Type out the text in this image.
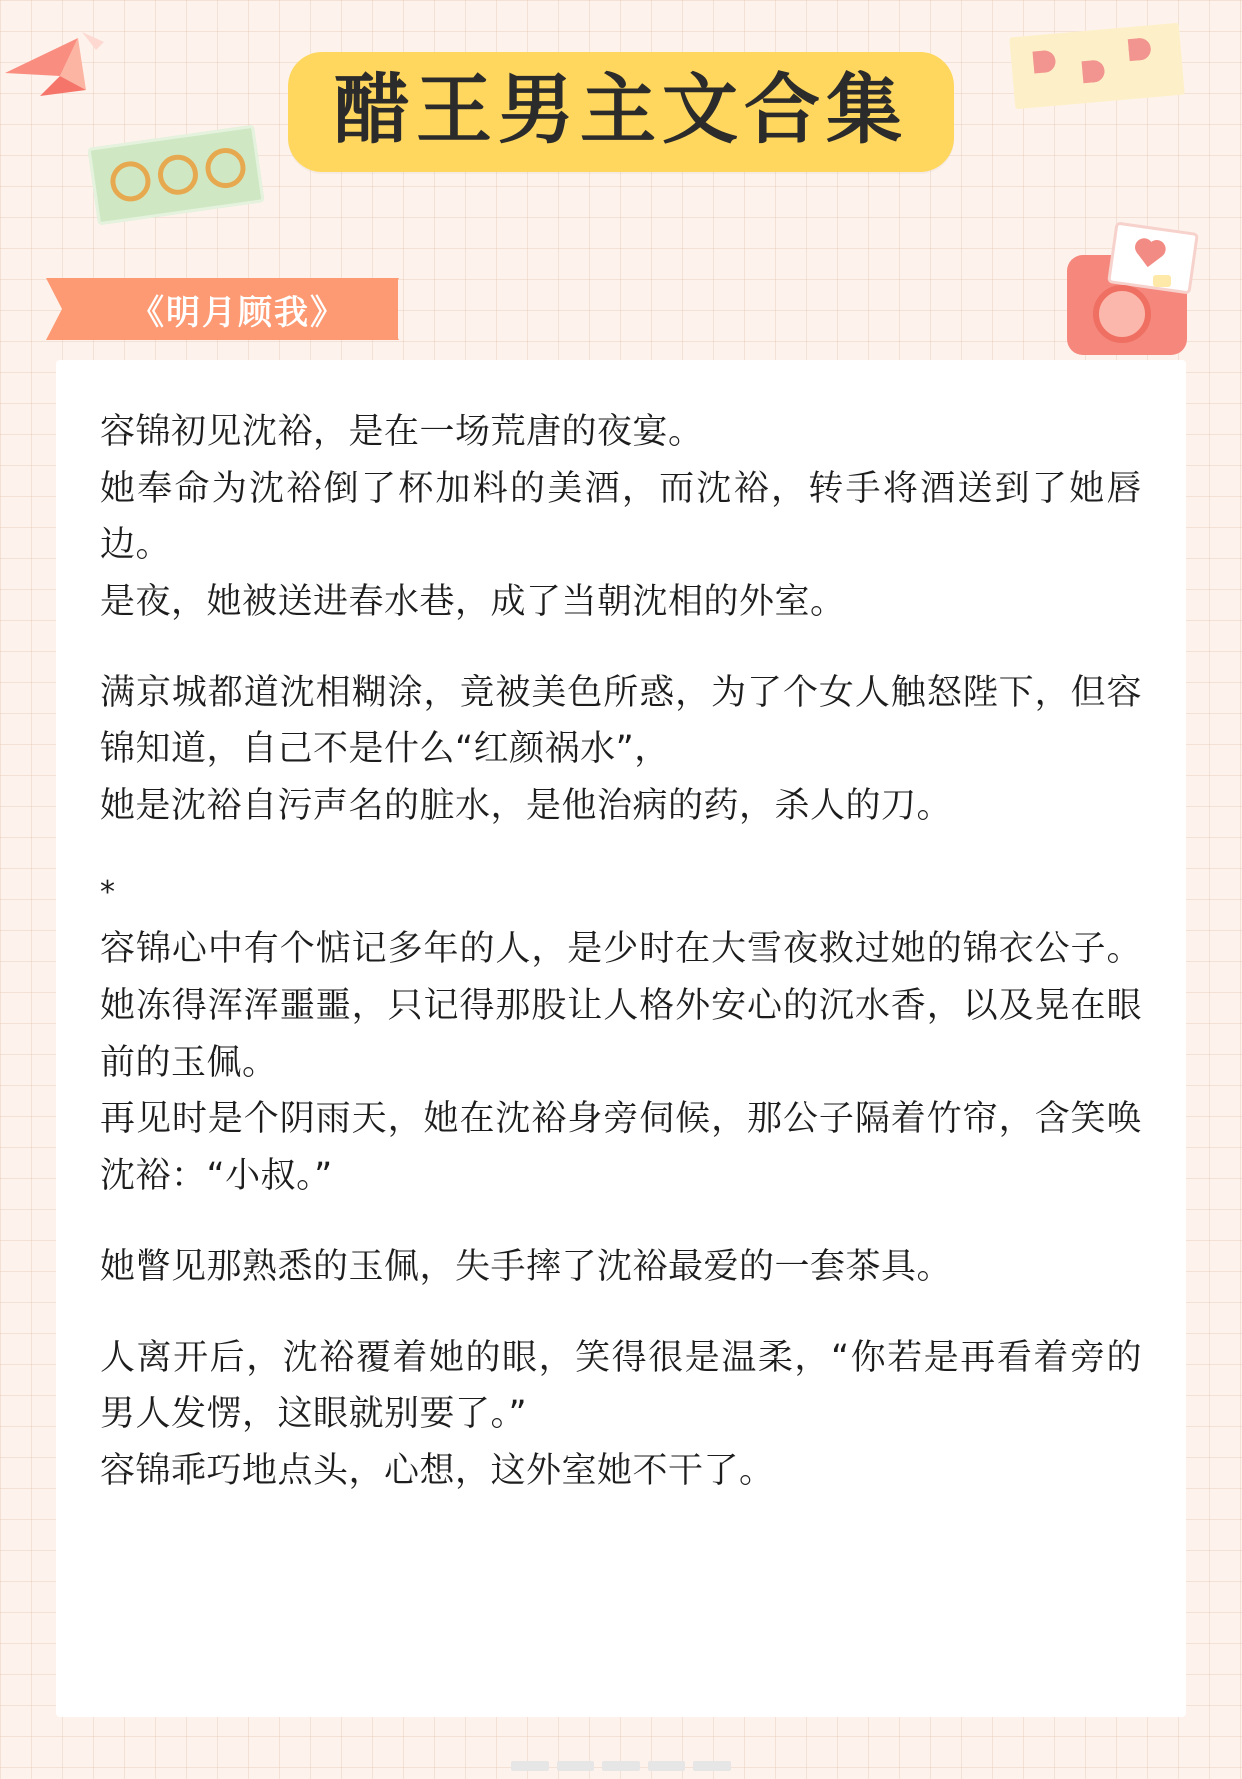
醋王男主文合集
《明月顾我》

容锦初见沈裕，是在一场荒唐的夜宴。

她奉命为沈裕倒了杯加料的美酒，而沈裕，转手将酒送到了她唇边。

是夜，她被送进春水巷，成了当朝沈相的外室。

满京城都道沈相糊涂，竟被美色所惑，为了个女人触怒陛下，但容锦知道，自己不是什么“红颜祸水”，

她是沈裕自污声名的脏水，是他治病的药，杀人的刀。

*

容锦心中有个惦记多年的人，是少时在大雪夜救过她的锦衣公子。她冻得浑浑噩噩，只记得那股让人格外安心的沉水香，以及晃在眼前的玉佩。

再见时是个阴雨天，她在沈裕身旁伺候，那公子隔着竹帘，含笑唤沈裕：“小叔。”

她瞥见那熟悉的玉佩，失手摔了沈裕最爱的一套茶具。

人离开后，沈裕覆着她的眼，笑得很是温柔，“你若是再看着旁的男人发愣，这眼就别要了。”

容锦乖巧地点头，心想，这外室她不干了。
